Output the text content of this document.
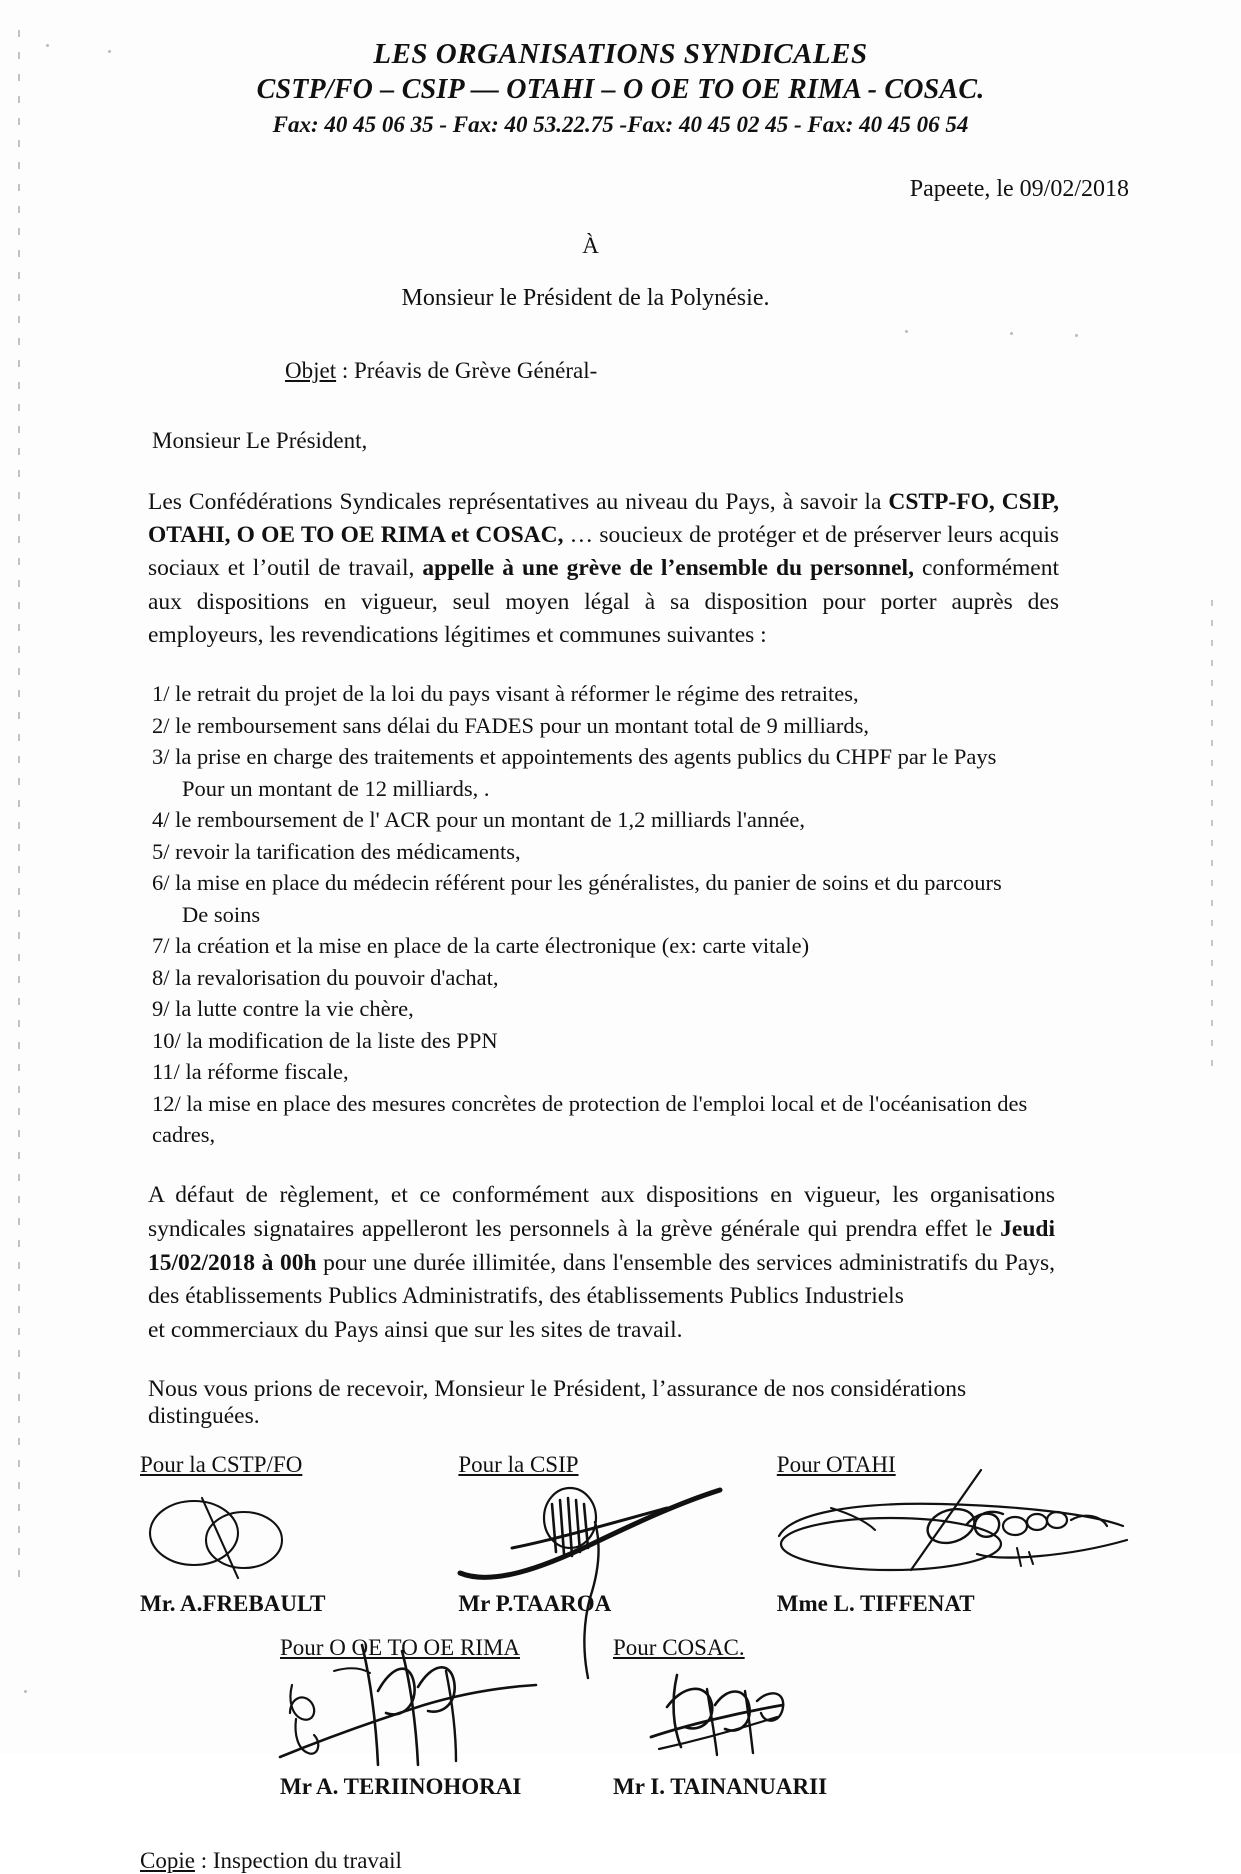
LES ORGANISATIONS SYNDICALES
CSTP/FO – CSIP — OTAHI – O OE TO OE RIMA - COSAC.
Fax: 40 45 06 35 - Fax: 40 53.22.75 -Fax: 40 45 02 45 - Fax: 40 45 06 54
Papeete, le 09/02/2018
À
Monsieur le Président de la Polynésie.
Objet : Préavis de Grève Général-
Monsieur Le Président,

Les Confédérations Syndicales représentatives au niveau du Pays, à savoir la CSTP-FO, CSIP, OTAHI, O OE TO OE RIMA et COSAC, … soucieux de protéger et de préserver leurs acquis sociaux et l’outil de travail, appelle à une grève de l’ensemble du personnel, conformément aux dispositions en vigueur, seul moyen légal à sa disposition pour porter auprès des employeurs, les revendications légitimes et communes suivantes :

1/ le retrait du projet de la loi du pays visant à réformer le régime des retraites,

2/ le remboursement sans délai du FADES pour un montant total de 9 milliards,

3/ la prise en charge des traitements et appointements des agents publics du CHPF par le Pays

Pour un montant de 12 milliards, .

4/ le remboursement de l' ACR pour un montant de 1,2 milliards l'année,

5/ revoir la tarification des médicaments,

6/ la mise en place du médecin référent pour les généralistes, du panier de soins et du parcours

De soins

7/ la création et la mise en place de la carte électronique (ex: carte vitale)

8/ la revalorisation du pouvoir d'achat,

9/ la lutte contre la vie chère,

10/ la modification de la liste des PPN

11/ la réforme fiscale,

12/ la mise en place des mesures concrètes de protection de l'emploi local et de l'océanisation des

cadres,

A défaut de règlement, et ce conformément aux dispositions en vigueur, les organisations syndicales signataires appelleront les personnels à la grève générale qui prendra effet le Jeudi 15/02/2018 à 00h pour une durée illimitée, dans l'ensemble des services administratifs du Pays, des établissements Publics Administratifs, des établissements Publics Industriels

et commerciaux du Pays ainsi que sur les sites de travail.

Nous vous prions de recevoir, Monsieur le Président, l’assurance de nos considérations distinguées.
Pour la CSTP/FO
Mr. A.FREBAULT
Pour la CSIP
Mr P.TAAROA
Pour OTAHI
Mme L. TIFFENAT
Pour O OE TO OE RIMA
Mr A. TERIINOHORAI
Pour COSAC.
Mr I. TAINANUARII
Copie : Inspection du travail
